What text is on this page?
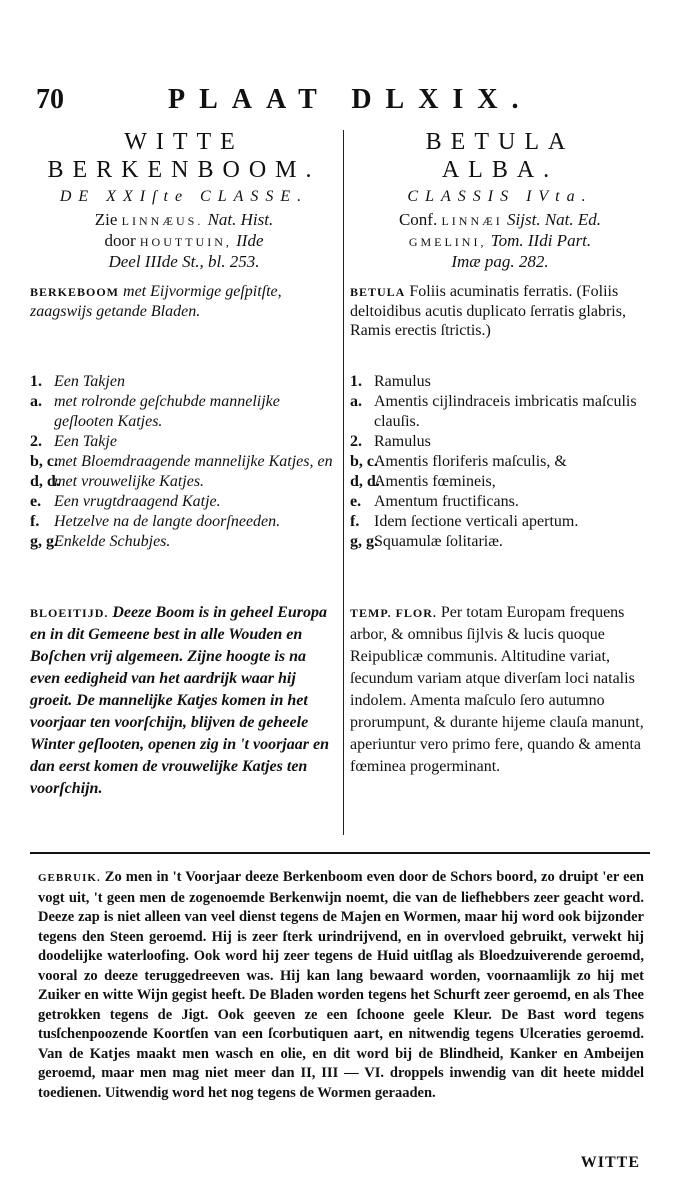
70	PLAAT DLXIX.
WITTE
BERKENBOOM.
DE XXIſte CLASSE.
Zie LINNÆUS. Nat. Hist.
door HOUTTUIN, IIde
Deel IIIde St., bl. 253.
BERKEBOOM met Eijvormige geſpitſte, zaagswijs getande Bladen.
1. Een Takjen
a. met rolronde geſchubde mannelijke geſlooten Katjes.
2. Een Takje
b, c.
met Bloemdraagende mannelijke Katjes, en
d, d.
met vrouwelijke Katjes.
e. Een vrugtdraagend Katje.
f. Hetzelve na de langte doorſneeden.
g, g.
Enkelde Schubjes.
BLOEITIJD. Deeze Boom is in geheel Europa en in dit Gemeene best in alle Wouden en Boſchen vrij algemeen. Zijne hoogte is na even eedigheid van het aardrijk waar hij groeit. De mannelijke Katjes komen in het voorjaar ten voorſchijn, blijven de geheele Winter geſlooten, openen zig in 't voorjaar en dan eerst komen de vrouwelijke Katjes ten voorſchijn.
BETULA
ALBA.
CLASSIS IVta.
Conf. LINNÆI Sijst. Nat. Ed.
GMELINI, Tom. IIdi Part.
Imæ pag. 282.
BETULA Foliis acuminatis ferratis. (Foliis deltoidibus acutis duplicato ſerratis glabris, Ramis erectis ſtrictis.)
1. Ramulus
a. Amentis cijlindraceis imbricatis maſculis clauſis.
2. Ramulus
b, c.
Amentis floriferis maſculis, &
d, d.
Amentis fœmineis,
e. Amentum fructificans.
f. Idem ſectione verticali apertum.
g, g.
Squamulæ ſolitariæ.
TEMP. FLOR. Per totam Europam frequens arbor, & omnibus ſijlvis & lucis quoque Reipublicæ communis. Altitudine variat, ſecundum variam atque diverſam loci natalis indolem. Amenta maſculo ſero autumno prorumpunt, & durante hijeme clauſa manunt, aperiuntur vero primo fere, quando & amenta fœminea progerminant.
GEBRUIK. Zo men in 't Voorjaar deeze Berkenboom even door de Schors boord, zo druipt 'er een vogt uit, 't geen men de zogenoemde Berkenwijn noemt, die van de liefhebbers zeer geacht word. Deeze zap is niet alleen van veel dienst tegens de Majen en Wormen, maar hij word ook bijzonder tegens den Steen geroemd. Hij is zeer ſterk urindrijvend, en in overvloed gebruikt, verwekt hij doodelijke waterloofing. Ook word hij zeer tegens de Huid uitſlag als Bloedzuiverende geroemd, vooral zo deeze teruggedreeven was. Hij kan lang bewaard worden, voornaamlijk zo hij met Zuiker en witte Wijn gegist heeft. De Bladen worden tegens het Schurft zeer geroemd, en als Thee getrokken tegens de Jigt. Ook geeven ze een ſchoone geele Kleur. De Bast word tegens tusſchenpoozende Koortſen van een ſcorbutiquen aart, en nitwendig tegens Ulceraties geroemd. Van de Katjes maakt men wasch en olie, en dit word bij de Blindheid, Kanker en Ambeijen geroemd, maar men mag niet meer dan II, III — VI. droppels inwendig van dit heete middel toedienen. Uitwendig word het nog tegens de Wormen geraaden.
WITTE
